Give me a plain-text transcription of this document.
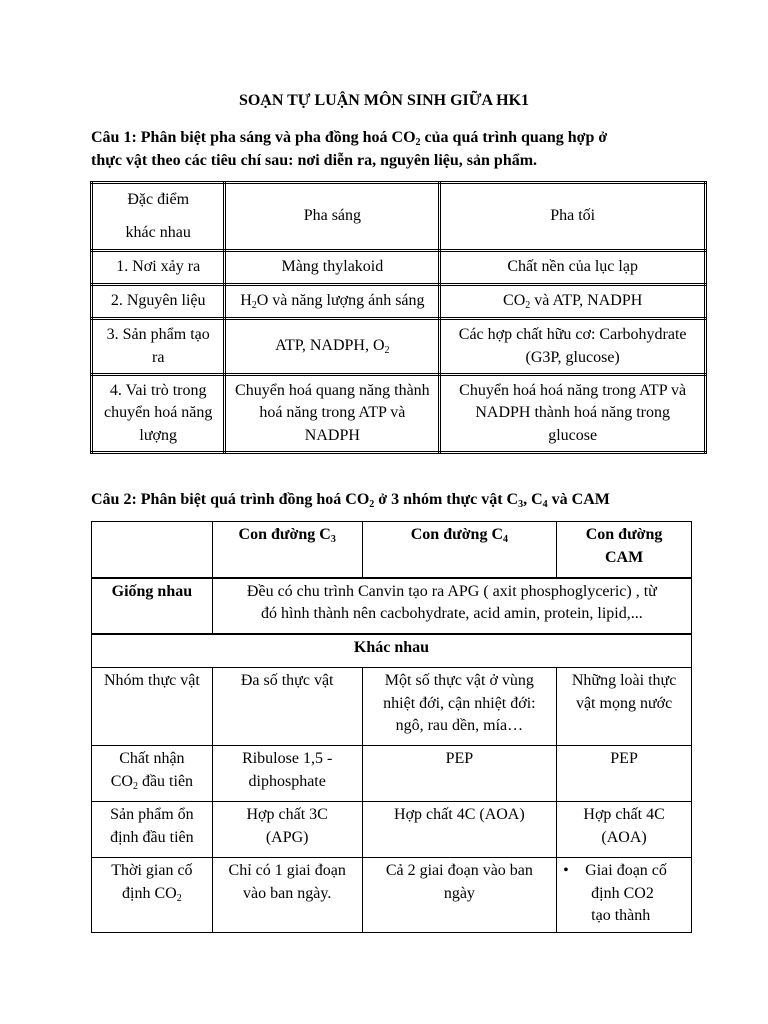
SOẠN TỰ LUẬN MÔN SINH GIỮA HK1
Câu 1: Phân biệt pha sáng và pha đồng hoá $CO_2$ của quá trình quang hợp ở
thực vật theo các tiêu chí sau: nơi diễn ra, nguyên liệu, sản phẩm.
Đặc điểm
khác nhau	Pha sáng	Pha tối
1. Nơi xảy ra	Màng thylakoid	Chất nền của lục lạp
2. Nguyên liệu	$H_2O$ và năng lượng ánh sáng	$CO_2$ và ATP, NADPH

3. Sản phẩm tạo
ra	ATP, NADPH, $O_2$	Các hợp chất hữu cơ: Carbohydrate
(G3P, glucose)

4. Vai trò trong
chuyển hoá năng
lượng	Chuyển hoá quang năng thành
hoá năng trong ATP và
NADPH	Chuyển hoá hoá năng trong ATP và
NADPH thành hoá năng trong
glucose
Câu 2: Phân biệt quá trình đồng hoá $CO_2$ ở 3 nhóm thực vật $C_3$, $C_4$ và CAM
	Con đường $C_3$	Con đường $C_4$	Con đường
CAM

Giống nhau	Đều có chu trình Canvin tạo ra APG ( axit phosphoglyceric) , từ
đó hình thành nên cacbohydrate, acid amin, protein, lipid,...		

Khác nhau			
Nhóm thực vật	Đa số thực vật	Một số thực vật ở vùng
nhiệt đới, cận nhiệt đới:
ngô, rau dền, mía…	Những loài thực
vật mọng nước

Chất nhận
$CO_2$ đầu tiên	Ribulose 1,5 -
diphosphate	PEP	PEP

Sản phẩm ổn
định đầu tiên	Hợp chất 3C
(APG)	Hợp chất 4C (AOA)	Hợp chất 4C
(AOA)

Thời gian cố
định $CO_2$	Chỉ có 1 giai đoạn
vào ban ngày.	Cả 2 giai đoạn vào ban
ngày	• Giai đoạn cố
định CO2
tạo thành
